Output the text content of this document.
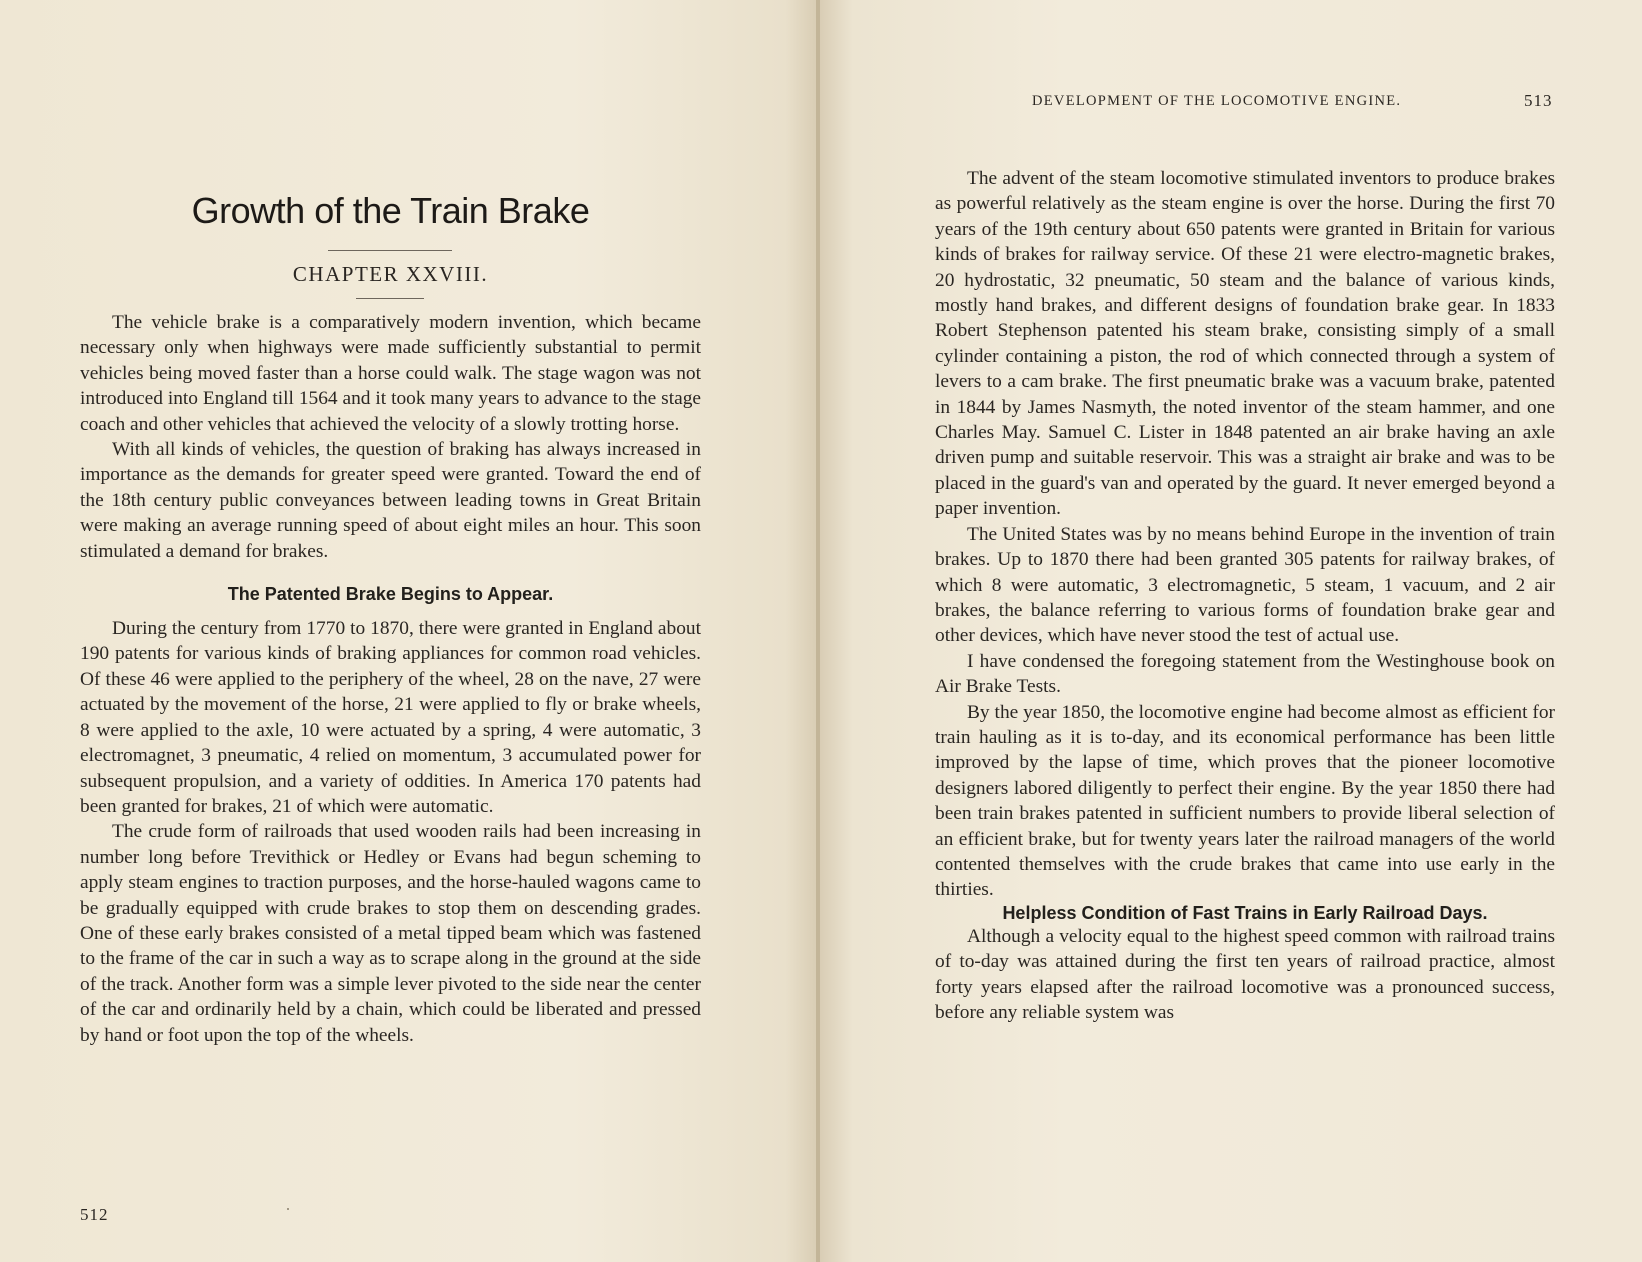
Growth of the Train Brake
CHAPTER XXVIII.

The vehicle brake is a comparatively modern invention, which became necessary only when highways were made sufficiently substantial to permit vehicles being moved faster than a horse could walk. The stage wagon was not introduced into England till 1564 and it took many years to advance to the stage coach and other vehicles that achieved the velocity of a slowly trotting horse.

With all kinds of vehicles, the question of braking has always increased in importance as the demands for greater speed were granted. Toward the end of the 18th century public conveyances between leading towns in Great Britain were making an average running speed of about eight miles an hour. This soon stimulated a demand for brakes.

The Patented Brake Begins to Appear.

During the century from 1770 to 1870, there were granted in England about 190 patents for various kinds of braking appliances for common road vehicles. Of these 46 were applied to the periphery of the wheel, 28 on the nave, 27 were actuated by the movement of the horse, 21 were applied to fly or brake wheels, 8 were applied to the axle, 10 were actuated by a spring, 4 were automatic, 3 electromagnet, 3 pneumatic, 4 relied on momentum, 3 accumulated power for subsequent propulsion, and a variety of oddities. In America 170 patents had been granted for brakes, 21 of which were automatic.

The crude form of railroads that used wooden rails had been increasing in number long before Trevithick or Hedley or Evans had begun scheming to apply steam engines to traction purposes, and the horse-hauled wagons came to be gradually equipped with crude brakes to stop them on descending grades. One of these early brakes consisted of a metal tipped beam which was fastened to the frame of the car in such a way as to scrape along in the ground at the side of the track. Another form was a simple lever pivoted to the side near the center of the car and ordinarily held by a chain, which could be liberated and pressed by hand or foot upon the top of the wheels.

512
DEVELOPMENT OF THE LOCOMOTIVE ENGINE.	513

The advent of the steam locomotive stimulated inventors to produce brakes as powerful relatively as the steam engine is over the horse. During the first 70 years of the 19th century about 650 patents were granted in Britain for various kinds of brakes for railway service. Of these 21 were electro-magnetic brakes, 20 hydrostatic, 32 pneumatic, 50 steam and the balance of various kinds, mostly hand brakes, and different designs of foundation brake gear. In 1833 Robert Stephenson patented his steam brake, consisting simply of a small cylinder containing a piston, the rod of which connected through a system of levers to a cam brake. The first pneumatic brake was a vacuum brake, patented in 1844 by James Nasmyth, the noted inventor of the steam hammer, and one Charles May. Samuel C. Lister in 1848 patented an air brake having an axle driven pump and suitable reservoir. This was a straight air brake and was to be placed in the guard's van and operated by the guard. It never emerged beyond a paper invention.

The United States was by no means behind Europe in the invention of train brakes. Up to 1870 there had been granted 305 patents for railway brakes, of which 8 were automatic, 3 electromagnetic, 5 steam, 1 vacuum, and 2 air brakes, the balance referring to various forms of foundation brake gear and other devices, which have never stood the test of actual use.

I have condensed the foregoing statement from the Westinghouse book on Air Brake Tests.

By the year 1850, the locomotive engine had become almost as efficient for train hauling as it is to-day, and its economical performance has been little improved by the lapse of time, which proves that the pioneer locomotive designers labored diligently to perfect their engine. By the year 1850 there had been train brakes patented in sufficient numbers to provide liberal selection of an efficient brake, but for twenty years later the railroad managers of the world contented themselves with the crude brakes that came into use early in the thirties.

Helpless Condition of Fast Trains in Early Railroad Days.

Although a velocity equal to the highest speed common with railroad trains of to-day was attained during the first ten years of railroad practice, almost forty years elapsed after the railroad locomotive was a pronounced success, before any reliable system was
